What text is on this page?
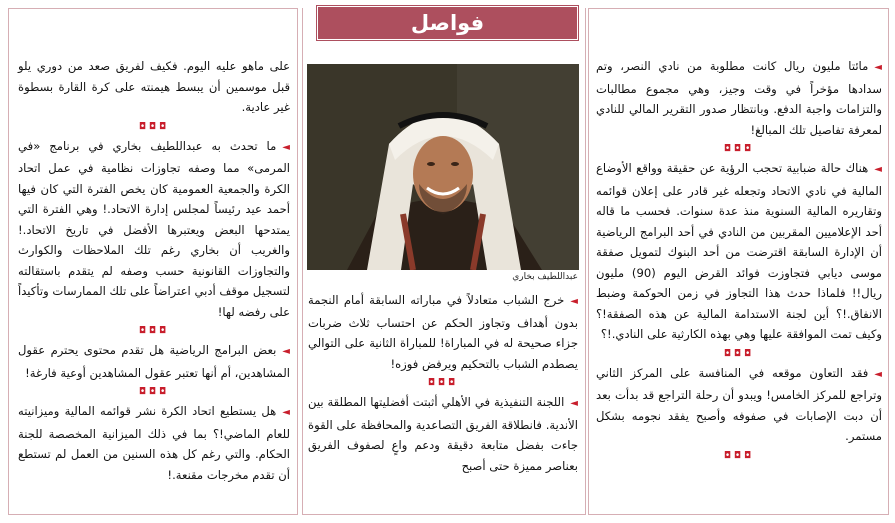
فواصل

◄مائتا مليون ريال كانت مطلوبة من نادي النصر، وتم سدادها مؤخراً في وقت وجيز، وهي مجموع مطالبات والتزامات واجبة الدفع. وبانتظار صدور التقرير المالي للنادي لمعرفة تفاصيل تلك المبالغ!

◘◘◘

◄هناك حالة ضبابية تحجب الرؤية عن حقيقة وواقع الأوضاع المالية في نادي الاتحاد وتجعله غير قادر على إعلان قوائمه وتقاريره المالية السنوية منذ عدة سنوات. فحسب ما قاله أحد الإعلاميين المقربين من النادي في أحد البرامج الرياضية أن الإدارة السابقة اقترضت من أحد البنوك لتمويل صفقة موسى ديابي فتجاوزت فوائد القرض اليوم (90) مليون ريال!! فلماذا حدث هذا التجاوز في زمن الحوكمة وضبط الانفاق.!؟ أين لجنة الاستدامة المالية عن هذه الصفقة!؟ وكيف تمت الموافقة عليها وهي بهذه الكارثية على النادي.!؟

◘◘◘

◄فقد التعاون موقعه في المنافسة على المركز الثاني وتراجع للمركز الخامس! ويبدو أن رحلة التراجع قد بدأت بعد أن دبت الإصابات في صفوفه وأصبح يفقد نجومه بشكل مستمر.

◘◘◘
عبداللطيف بخاري

◄خرج الشباب متعادلاً في مباراته السابقة أمام النجمة بدون أهداف وتجاوز الحكم عن احتساب ثلاث ضربات جزاء صحيحة له في المباراة! للمباراة الثانية على التوالي يصطدم الشباب بالتحكيم ويرفض فوزه!

◘◘◘

◄اللجنة التنفيذية في الأهلي أثبتت أفضليتها المطلقة بين الأندية. فانطلاقة الفريق التصاعدية والمحافظة على القوة جاءت بفضل متابعة دقيقة ودعم واعٍ لصفوف الفريق بعناصر مميزة حتى أصبح

على ماهو عليه اليوم. فكيف لفريق صعد من دوري يلو قبل موسمين أن يبسط هيمنته على كرة القارة بسطوة غير عادية.

◘◘◘

◄ما تحدث به عبداللطيف بخاري في برنامج «في المرمى» مما وصفه تجاوزات نظامية في عمل اتحاد الكرة والجمعية العمومية كان يخص الفترة التي كان فيها أحمد عيد رئيساً لمجلس إدارة الاتحاد.! وهي الفترة التي يمتدحها البعض ويعتبرها الأفضل في تاريخ الاتحاد.! والغريب أن بخاري رغم تلك الملاحظات والكوارث والتجاوزات القانونية حسب وصفه لم يتقدم باستقالته لتسجيل موقف أدبي اعتراضاً على تلك الممارسات وتأكيداً على رفضه لها!

◘◘◘

◄بعض البرامج الرياضية هل تقدم محتوى يحترم عقول المشاهدين، أم أنها تعتبر عقول المشاهدين أوعية فارغة!

◘◘◘

◄هل يستطيع اتحاد الكرة نشر قوائمه المالية وميزانيته للعام الماضي!؟ بما في ذلك الميزانية المخصصة للجنة الحكام. والتي رغم كل هذه السنين من العمل لم تستطع أن تقدم مخرجات مقنعة.!
